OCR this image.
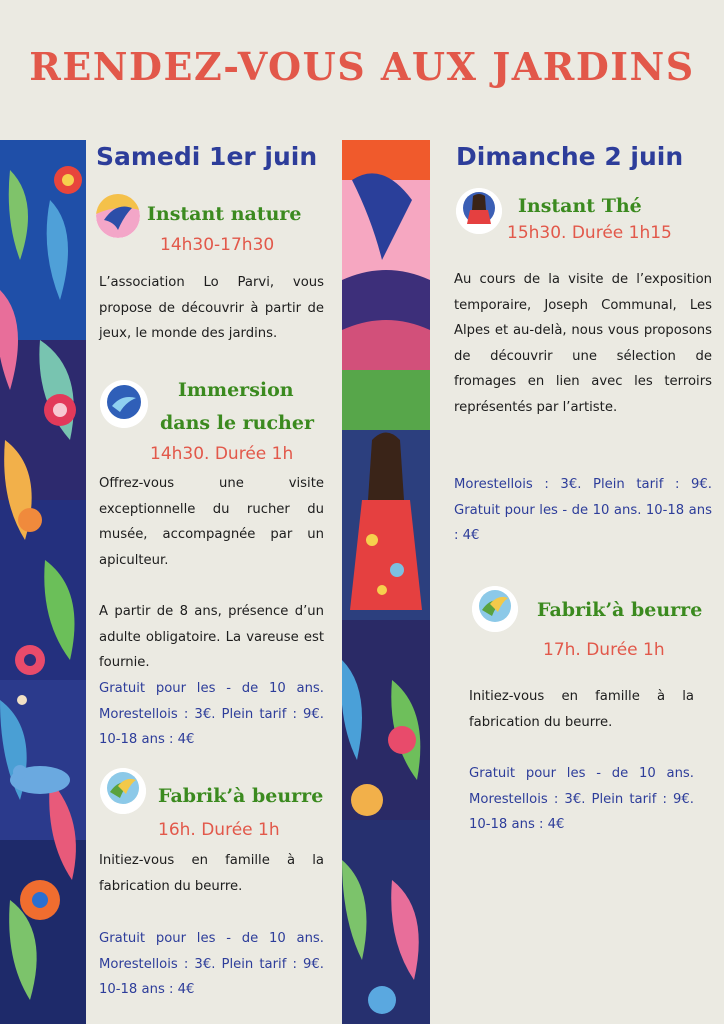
RENDEZ-VOUS AUX JARDINS
Samedi 1er juin
Instant nature
14h30-17h30

L’association Lo Parvi, vous propose de découvrir à partir de jeux, le monde des jardins.

Immersion
dans le rucher
14h30. Durée 1h

Offrez-vous une visite exceptionnelle du rucher du musée, accompagnée par un apiculteur.

A partir de 8 ans, présence d’un adulte obligatoire. La vareuse est fournie.

Gratuit pour les - de 10 ans. Morestellois : 3€. Plein tarif : 9€. 10-18 ans : 4€

Fabrik’à beurre
16h. Durée 1h

Initiez-vous en famille à la fabrication du beurre.

Gratuit pour les - de 10 ans. Morestellois : 3€. Plein tarif : 9€. 10-18 ans : 4€

Dimanche 2 juin
Instant Thé
15h30. Durée 1h15

Au cours de la visite de l’exposition temporaire, Joseph Communal, Les Alpes et au-delà, nous vous proposons de découvrir une sélection de fromages en lien avec les terroirs représentés par l’artiste.

Morestellois : 3€. Plein tarif : 9€. Gratuit pour les - de 10 ans. 10-18 ans : 4€

Fabrik’à beurre
17h. Durée 1h

Initiez-vous en famille à la fabrication du beurre.

Gratuit pour les - de 10 ans. Morestellois : 3€. Plein tarif : 9€. 10-18 ans : 4€
